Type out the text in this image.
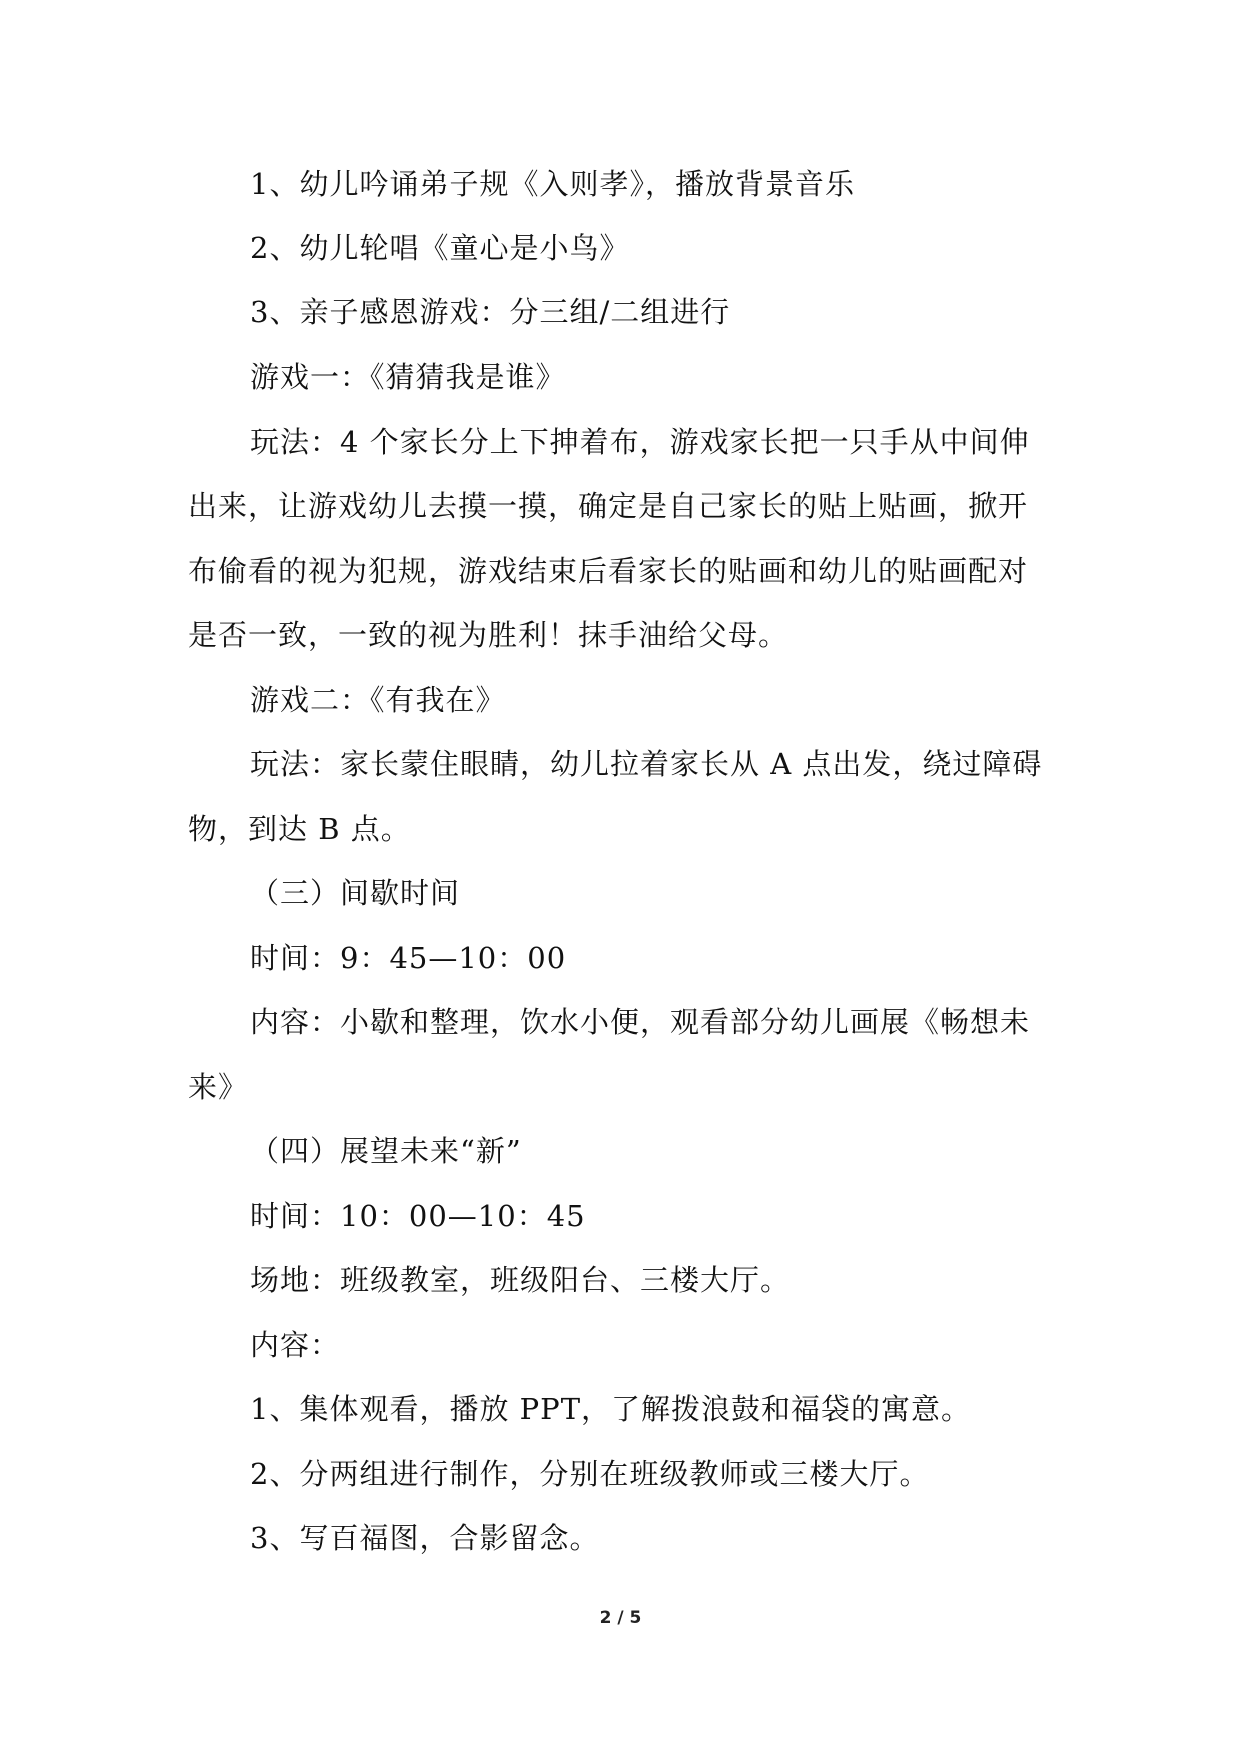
1、幼儿吟诵弟子规《入则孝》，播放背景音乐
2、幼儿轮唱《童心是小鸟》
3、亲子感恩游戏：分三组/二组进行
游戏一：《猜猜我是谁》
玩法：4 个家长分上下抻着布，游戏家长把一只手从中间伸
出来，让游戏幼儿去摸一摸，确定是自己家长的贴上贴画，掀开
布偷看的视为犯规，游戏结束后看家长的贴画和幼儿的贴画配对
是否一致，一致的视为胜利！抹手油给父母。
游戏二：《有我在》
玩法：家长蒙住眼睛，幼儿拉着家长从 A 点出发，绕过障碍
物，到达 B 点。
（三）间歇时间
时间：9：45—10：00
内容：小歇和整理，饮水小便，观看部分幼儿画展《畅想未
来》
（四）展望未来“新”
时间：10：00—10：45
场地：班级教室，班级阳台、三楼大厅。
内容：
1、集体观看，播放 PPT，了解拨浪鼓和福袋的寓意。
2、分两组进行制作，分别在班级教师或三楼大厅。
3、写百福图，合影留念。
2 / 5
